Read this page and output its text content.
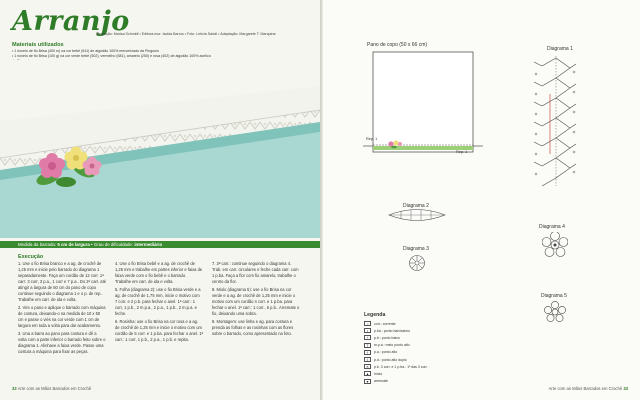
Arranjo
Execução: Marisa Schmidt • Editora-mor: Isolda Barros • Foto: Letícia Saiwil • Adaptação: Margarete T. Marquina
Materiais utilizados
• 1 novelo de fio Brisa (400 m) na cor bebê (611) de algodão 100% mercerizado da Pingouin
• 1 novelo de fio Brisa (100 g) na cor verde bebê (502), vermelho (581), amarelo (250) e rosa (402) de algodão 100% acrílico
Medida da barrada: 5 cm de largura • Grau de dificuldade: intermediário
Execução

1. Use o fio Brisa branco e a ag. de crochê de 1,25 mm e inicie pelo barrado do diagrama 1 separadamente. Faça um cordão de 12 corr. 1ª carr: 3 corr, 3 p.a., 1 corr e 7 p.a.. Do 2ª carr. até atingir a largura de 50 cm do pano de copo continue seguindo o diagrama 1 e o p. de rep.. Trabalhe em carr. de ida e volta.

2. Vire o pano e aplique o barrado com máquina de costura, deixando-o na medida de 10 x 50 cm e passe o viés na cor verde com 1 cm de largura em toda a volta para dar acabamento.

3. Una a barra ao pano para costura e dê a volta com a parte inferior o barrado feito sobre o diagrama 1. Alinhave a faixa verde. Passe uma costura a máquina para fixar as peças.

4. Use o fio Brisa bebê e a ag. de crochê de 1,25 mm e trabalhe em partes inferior e faixa de faixa verde com o fio bebê e o barrado. Trabalhe em carr. de ida e volta.

5. Folha (diagrama 2): use o fio Brisa verde e a ag. de crochê de 1,75 mm, inicie o motivo com 7 corr. e 2 p.b. para fechar o anel. 1ª carr.: 1 corr, 1 p.b., 2 m.p.a., 2 p.a., 1 p.b., 2 m.p.a. e feche.

6. Rosinha: use o fio Brisa na cor rosa e a ag. de crochê de 1,25 mm e inicie o motivo com um cordão de 5 corr. e 1 p.ba. para fechar o anel. 1ª carr.: 1 corr, 1 p.b., 2 p.a., 1 p.b. e repita.

7. 3ª carr.: continue seguindo o diagrama 4. Trab. em carr. circulares e feche cada carr. com 1 p.ba. Faça a flor com fio amarelo, trabalhe o centro da flor.

8. Miolo (diagrama 5): use o fio Brisa na cor verde e a ag. de crochê de 1,25 mm e inicie o motivo com um cordão 4 corr. e 1 p.ba. para fechar o anel. 1ª carr.: 1 corr., 6 p.b.. Arremate o fio, deixando uma sobra.

9. Montagem: use linha e ag. para costura e prenda as folhas e as rosinhas com as flores sobre o barrado, como apresentado na foto.

32 Arte com as Mãos Barrados em Crochê
Pano de copo (50 x 66 cm)
Rep. 1
Rep. 1
Diagrama 1
Diagrama 2
Diagrama 3
Diagrama 4
Diagrama 5
Legenda
○	corr.: corrente
•	p.ba.: ponto baixíssimo
+	p.b.: ponto baixo
T	m.p.a.: meio ponto alto
†	p.a.: ponto alto
‡	p.d.: ponto alto duplo
✕	p.b. 3 corr. e 1 p.ba.: 1ª das 3 corr.
▲	início
▼	arremate
Arte com as Mãos Barrados em Crochê 33
